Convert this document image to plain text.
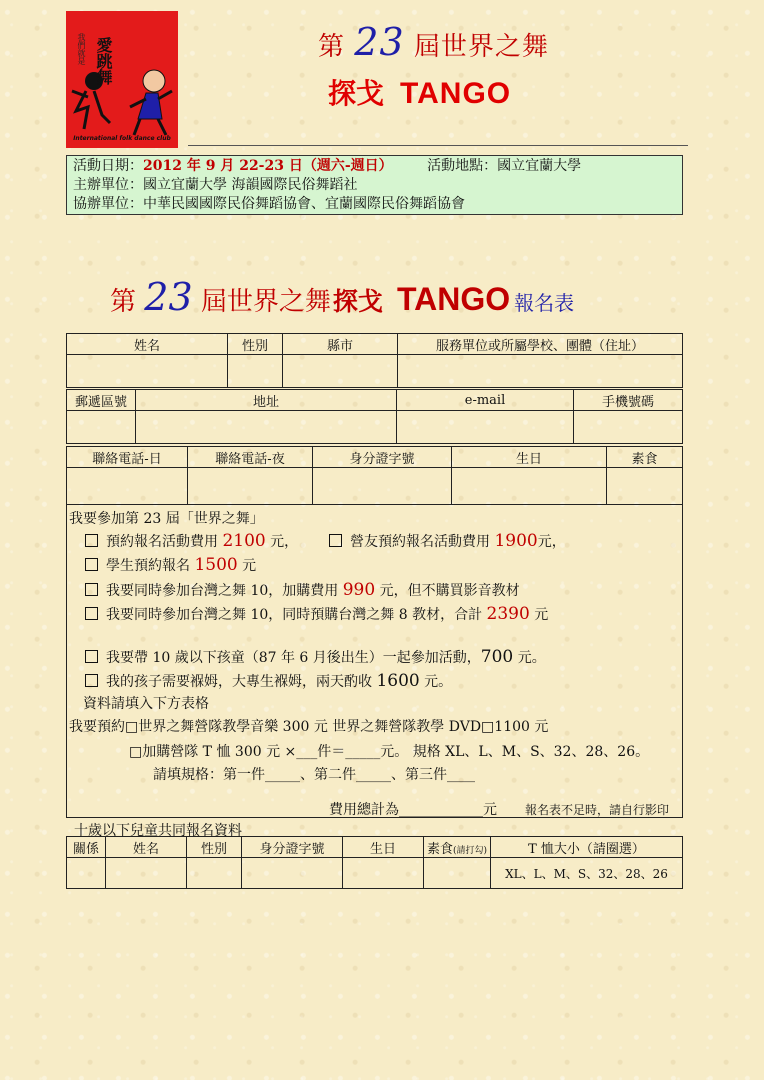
我們就是 愛跳舞
International folk dance club
第 23 屆世界之舞
探戈 TANGO
活動日期：2012 年 9 月 22-23 日（週六-週日） 活動地點：國立宜蘭大學
主辦單位：國立宜蘭大學 海韻國際民俗舞蹈社
協辦單位：中華民國國際民俗舞蹈協會、宜蘭國際民俗舞蹈協會
第 23 屆世界之舞探戈 TANGO 報名表
姓名	性別	縣市	服務單位或所屬學校、團體（住址）

郵遞區號	地址	e-mail	手機號碼

聯絡電話-日	聯絡電話-夜	身分證字號	生日	素食

我要參加第 23 屆「世界之舞」
預約報名活動費用 2100 元，	營友預約報名活動費用 1900元，
學生預約報名 1500 元
我要同時參加台灣之舞 10，加購費用 990 元，但不購買影音教材
我要同時參加台灣之舞 10，同時預購台灣之舞 8 教材，合計 2390 元
我要帶 10 歲以下孩童（87 年 6 月後出生）一起參加活動，700 元。
我的孩子需要褓姆，大專生褓姆，兩天酌收 1600 元。
資料請填入下方表格
我要預約□世界之舞營隊教學音樂 300 元 世界之舞營隊教學 DVD□1100 元
□加購營隊 T 恤 300 元 ×___件＝_____元。 規格 XL、L、M、S、32、28、26。
請填規格：第一件_____、第二件_____、第三件____
費用總計為____________元 報名表不足時，請自行影印
十歲以下兒童共同報名資料
關係	姓名	性別	身分證字號	生日	素食(請打勾)	T 恤大小（請圈選）
						XL、L、M、S、32、28、26
